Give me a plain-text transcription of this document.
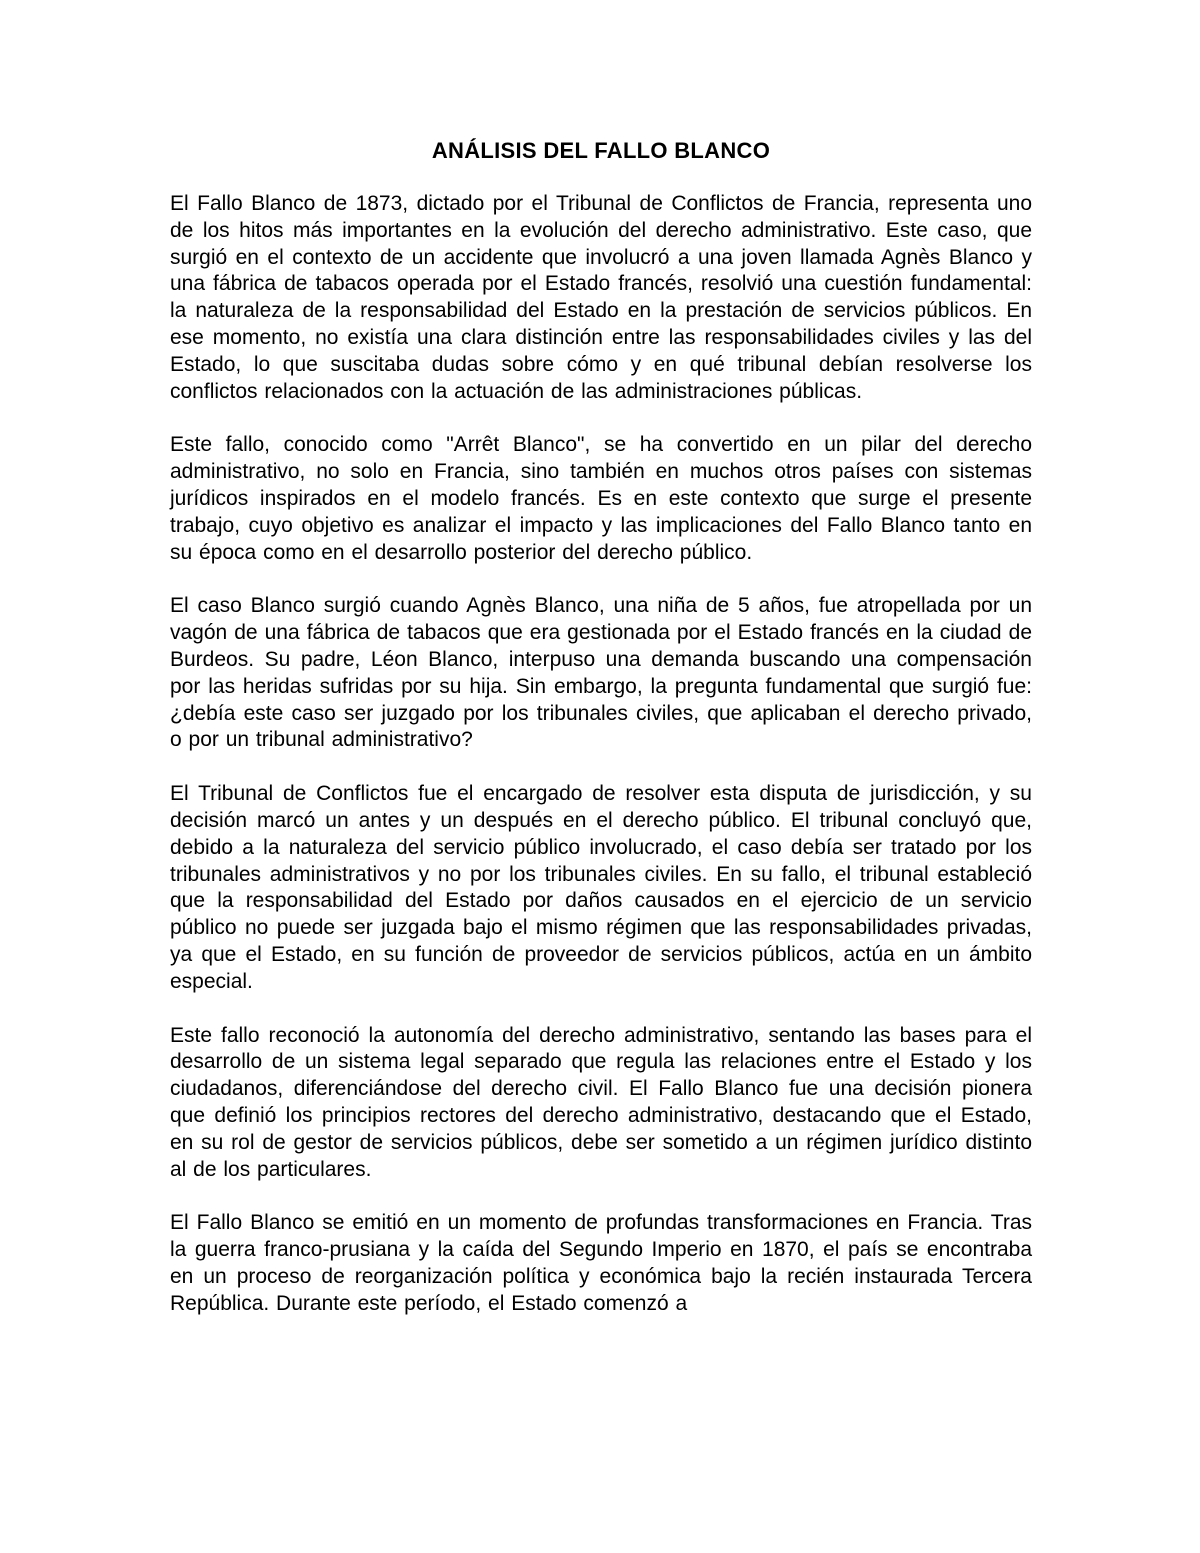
ANÁLISIS DEL FALLO BLANCO

El Fallo Blanco de 1873, dictado por el Tribunal de Conflictos de Francia, representa uno de los hitos más importantes en la evolución del derecho administrativo. Este caso, que surgió en el contexto de un accidente que involucró a una joven llamada Agnès Blanco y una fábrica de tabacos operada por el Estado francés, resolvió una cuestión fundamental: la naturaleza de la responsabilidad del Estado en la prestación de servicios públicos. En ese momento, no existía una clara distinción entre las responsabilidades civiles y las del Estado, lo que suscitaba dudas sobre cómo y en qué tribunal debían resolverse los conflictos relacionados con la actuación de las administraciones públicas.

Este fallo, conocido como "Arrêt Blanco", se ha convertido en un pilar del derecho administrativo, no solo en Francia, sino también en muchos otros países con sistemas jurídicos inspirados en el modelo francés. Es en este contexto que surge el presente trabajo, cuyo objetivo es analizar el impacto y las implicaciones del Fallo Blanco tanto en su época como en el desarrollo posterior del derecho público.

El caso Blanco surgió cuando Agnès Blanco, una niña de 5 años, fue atropellada por un vagón de una fábrica de tabacos que era gestionada por el Estado francés en la ciudad de Burdeos. Su padre, Léon Blanco, interpuso una demanda buscando una compensación por las heridas sufridas por su hija. Sin embargo, la pregunta fundamental que surgió fue: ¿debía este caso ser juzgado por los tribunales civiles, que aplicaban el derecho privado, o por un tribunal administrativo?

El Tribunal de Conflictos fue el encargado de resolver esta disputa de jurisdicción, y su decisión marcó un antes y un después en el derecho público. El tribunal concluyó que, debido a la naturaleza del servicio público involucrado, el caso debía ser tratado por los tribunales administrativos y no por los tribunales civiles. En su fallo, el tribunal estableció que la responsabilidad del Estado por daños causados en el ejercicio de un servicio público no puede ser juzgada bajo el mismo régimen que las responsabilidades privadas, ya que el Estado, en su función de proveedor de servicios públicos, actúa en un ámbito especial.

Este fallo reconoció la autonomía del derecho administrativo, sentando las bases para el desarrollo de un sistema legal separado que regula las relaciones entre el Estado y los ciudadanos, diferenciándose del derecho civil. El Fallo Blanco fue una decisión pionera que definió los principios rectores del derecho administrativo, destacando que el Estado, en su rol de gestor de servicios públicos, debe ser sometido a un régimen jurídico distinto al de los particulares.

El Fallo Blanco se emitió en un momento de profundas transformaciones en Francia. Tras la guerra franco-prusiana y la caída del Segundo Imperio en 1870, el país se encontraba en un proceso de reorganización política y económica bajo la recién instaurada Tercera República. Durante este período, el Estado comenzó a
